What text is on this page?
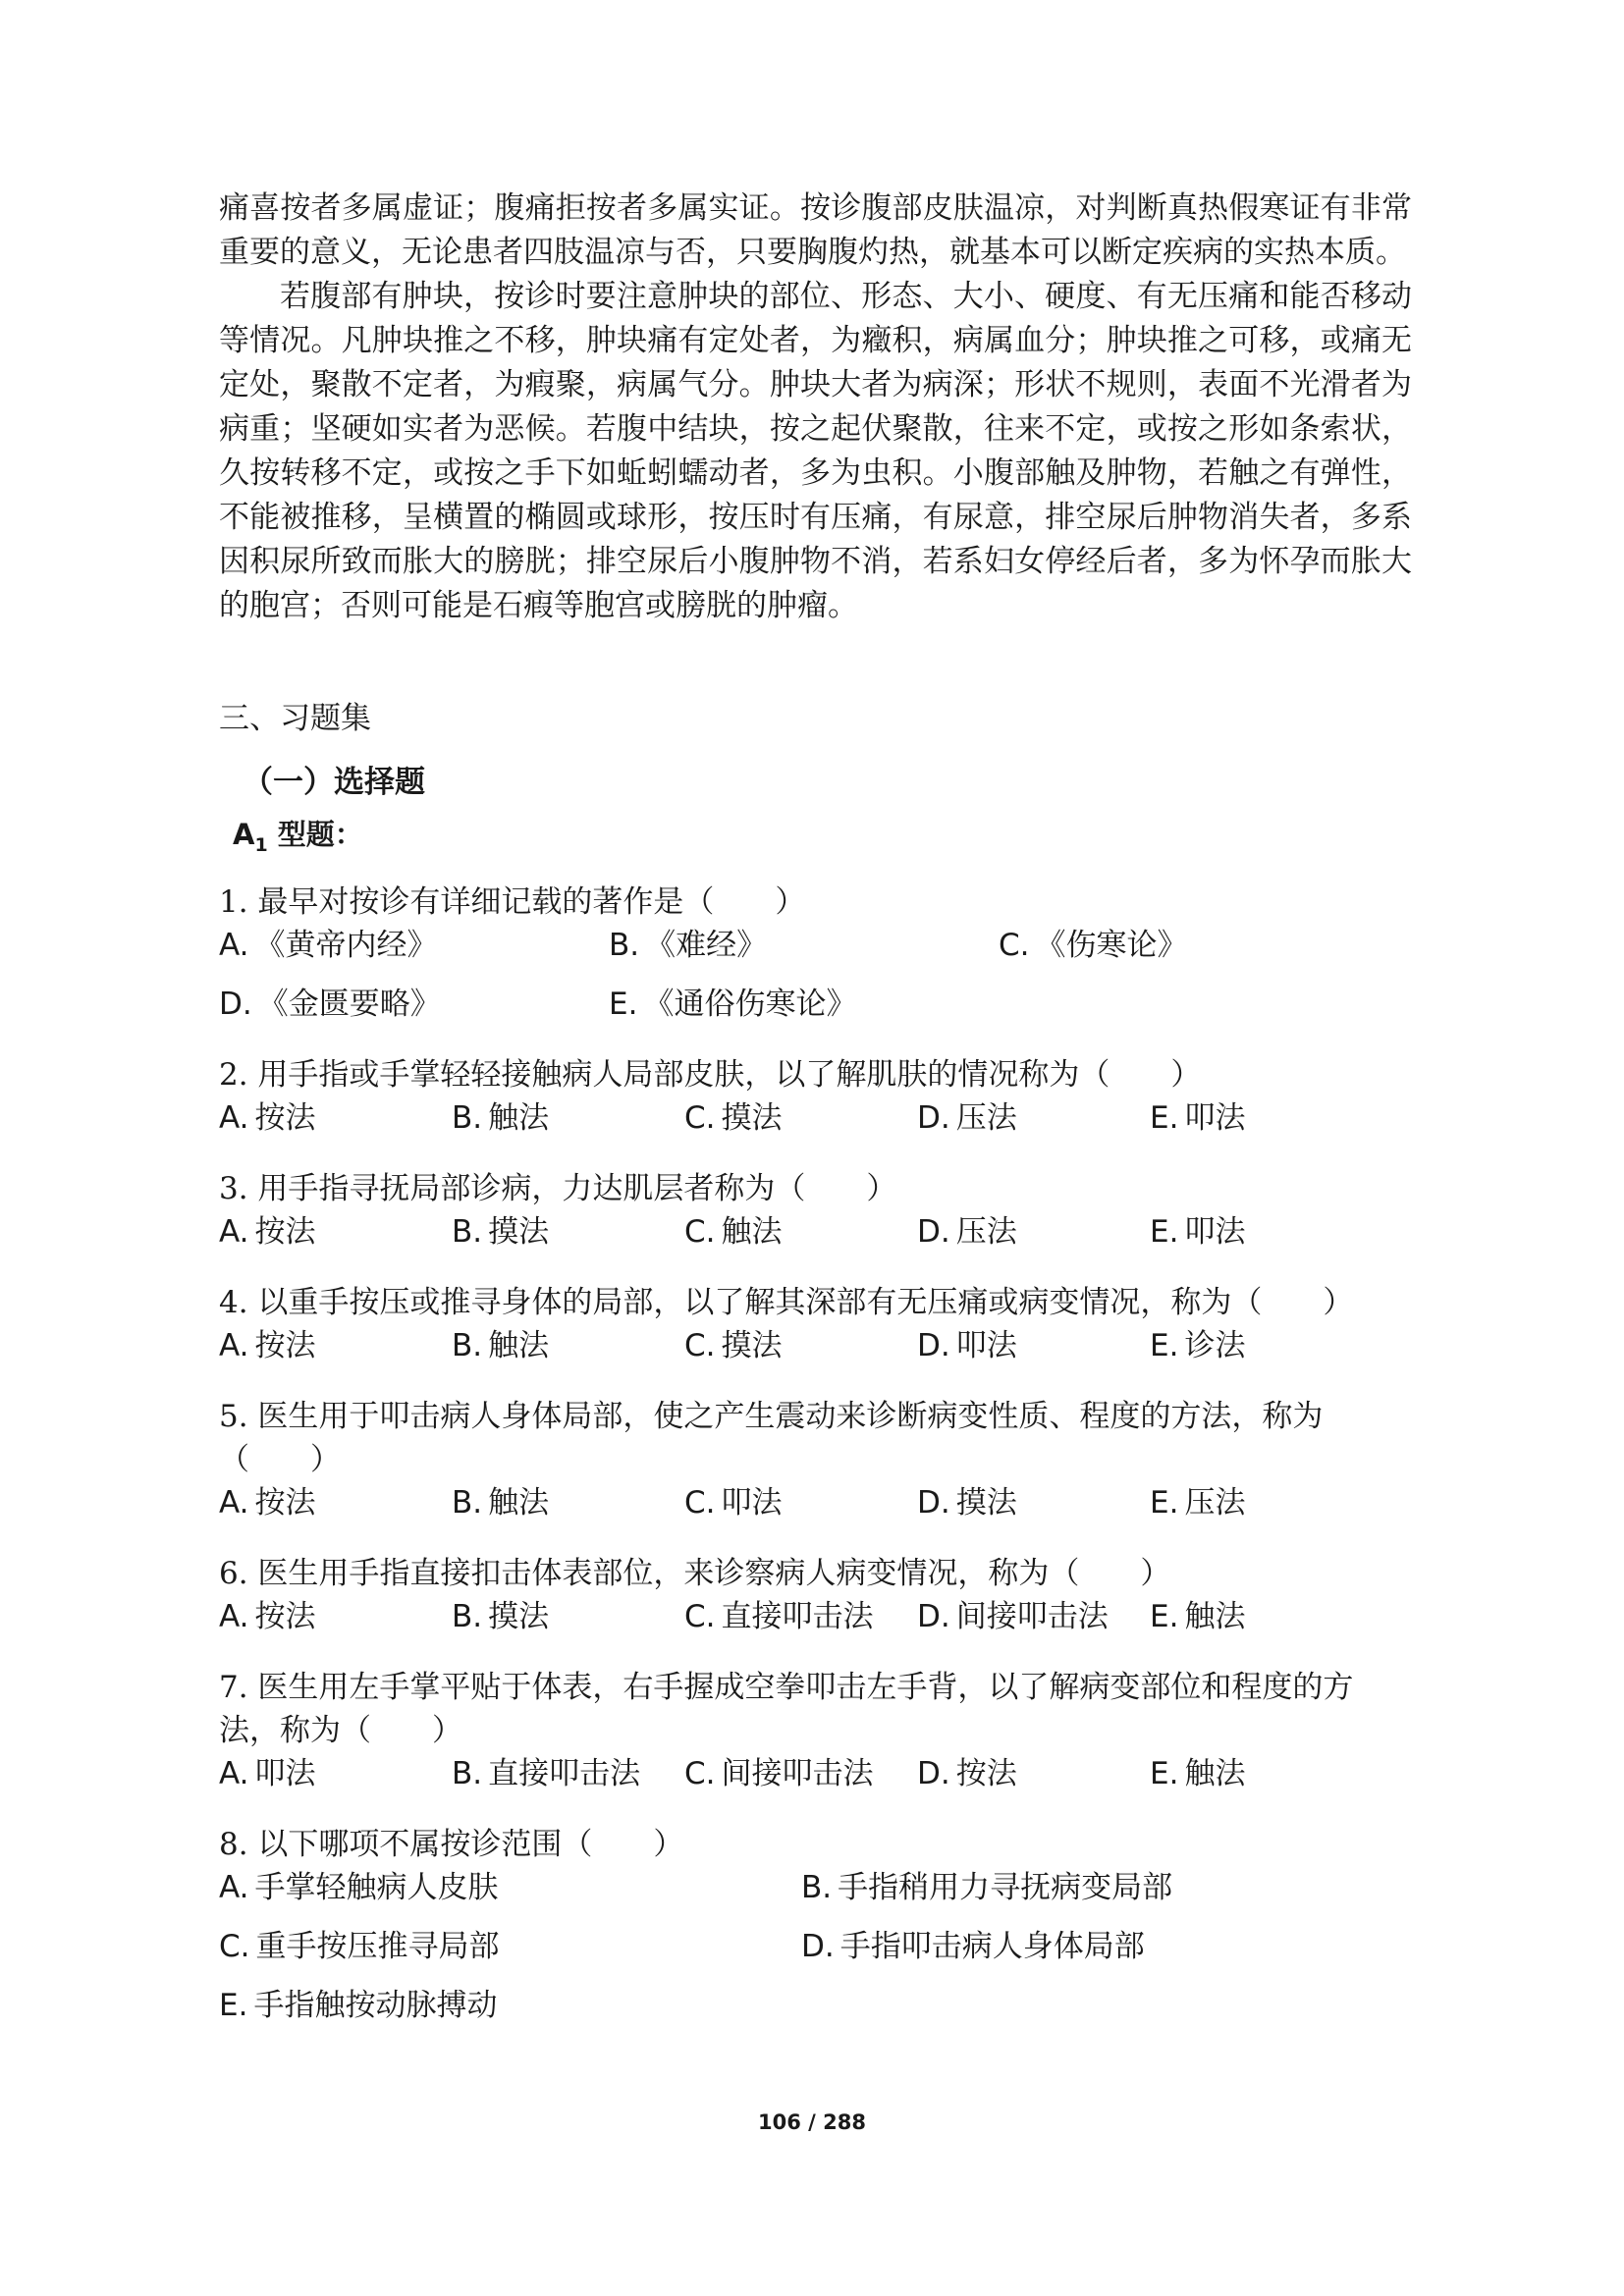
痛喜按者多属虚证；腹痛拒按者多属实证。按诊腹部皮肤温凉，对判断真热假寒证有非常重要的意义，无论患者四肢温凉与否，只要胸腹灼热，就基本可以断定疾病的实热本质。

若腹部有肿块，按诊时要注意肿块的部位、形态、大小、硬度、有无压痛和能否移动等情况。凡肿块推之不移，肿块痛有定处者，为癥积，病属血分；肿块推之可移，或痛无定处，聚散不定者，为瘕聚，病属气分。肿块大者为病深；形状不规则，表面不光滑者为病重；坚硬如实者为恶候。若腹中结块，按之起伏聚散，往来不定，或按之形如条索状，久按转移不定，或按之手下如蚯蚓蠕动者，多为虫积。小腹部触及肿物，若触之有弹性，不能被推移，呈横置的椭圆或球形，按压时有压痛，有尿意，排空尿后肿物消失者，多系因积尿所致而胀大的膀胱；排空尿后小腹肿物不消，若系妇女停经后者，多为怀孕而胀大的胞宫；否则可能是石瘕等胞宫或膀胱的肿瘤。

三、习题集
（一）选择题
$A_1$ 型题：

1. 最早对按诊有详细记载的著作是（　　）

A. 《黄帝内经》	B. 《难经》	C. 《伤寒论》
D. 《金匮要略》	E. 《通俗伤寒论》

2. 用手指或手掌轻轻接触病人局部皮肤，以了解肌肤的情况称为（　　）

A. 按法	B. 触法	C. 摸法	D. 压法	E. 叩法

3. 用手指寻抚局部诊病，力达肌层者称为（　　）

A. 按法	B. 摸法	C. 触法	D. 压法	E. 叩法

4. 以重手按压或推寻身体的局部，以了解其深部有无压痛或病变情况，称为（　　）

A. 按法	B. 触法	C. 摸法	D. 叩法	E. 诊法

5. 医生用于叩击病人身体局部，使之产生震动来诊断病变性质、程度的方法，称为（　　）

A. 按法	B. 触法	C. 叩法	D. 摸法	E. 压法

6. 医生用手指直接扣击体表部位，来诊察病人病变情况，称为（　　）

A. 按法	B. 摸法	C. 直接叩击法	D. 间接叩击法	E. 触法

7. 医生用左手掌平贴于体表，右手握成空拳叩击左手背，以了解病变部位和程度的方法，称为（　　）

A. 叩法	B. 直接叩击法	C. 间接叩击法	D. 按法	E. 触法

8. 以下哪项不属按诊范围（　　）

A. 手掌轻触病人皮肤	B. 手指稍用力寻抚病变局部
C. 重手按压推寻局部	D. 手指叩击病人身体局部
E. 手指触按动脉搏动
106 / 288
